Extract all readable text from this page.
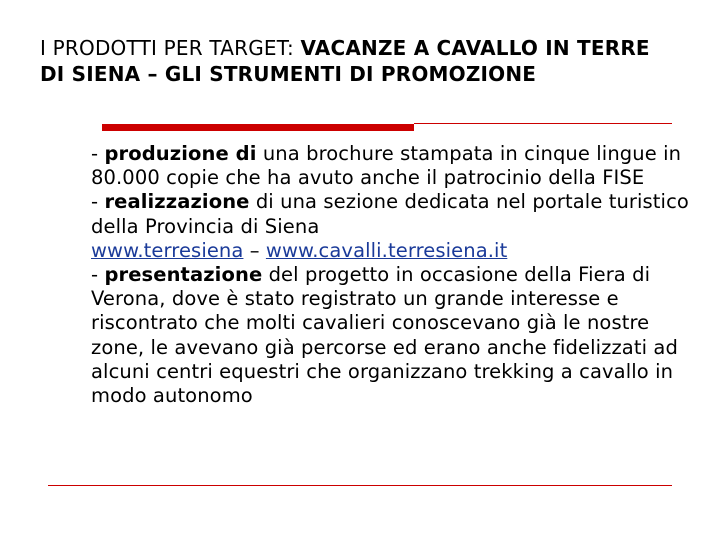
I PRODOTTI PER TARGET: VACANZE A CAVALLO IN TERRE DI SIENA – GLI STRUMENTI DI PROMOZIONE

- produzione di una brochure stampata in cinque lingue in 80.000 copie che ha avuto anche il patrocinio della FISE

- realizzazione di una sezione dedicata nel portale turistico della Provincia di Siena
www.terresiena – www.cavalli.terresiena.it

- presentazione del progetto in occasione della Fiera di Verona, dove è stato registrato un grande interesse e riscontrato che molti cavalieri conoscevano già le nostre zone, le avevano già percorse ed erano anche fidelizzati ad alcuni centri equestri che organizzano trekking a cavallo in modo autonomo
